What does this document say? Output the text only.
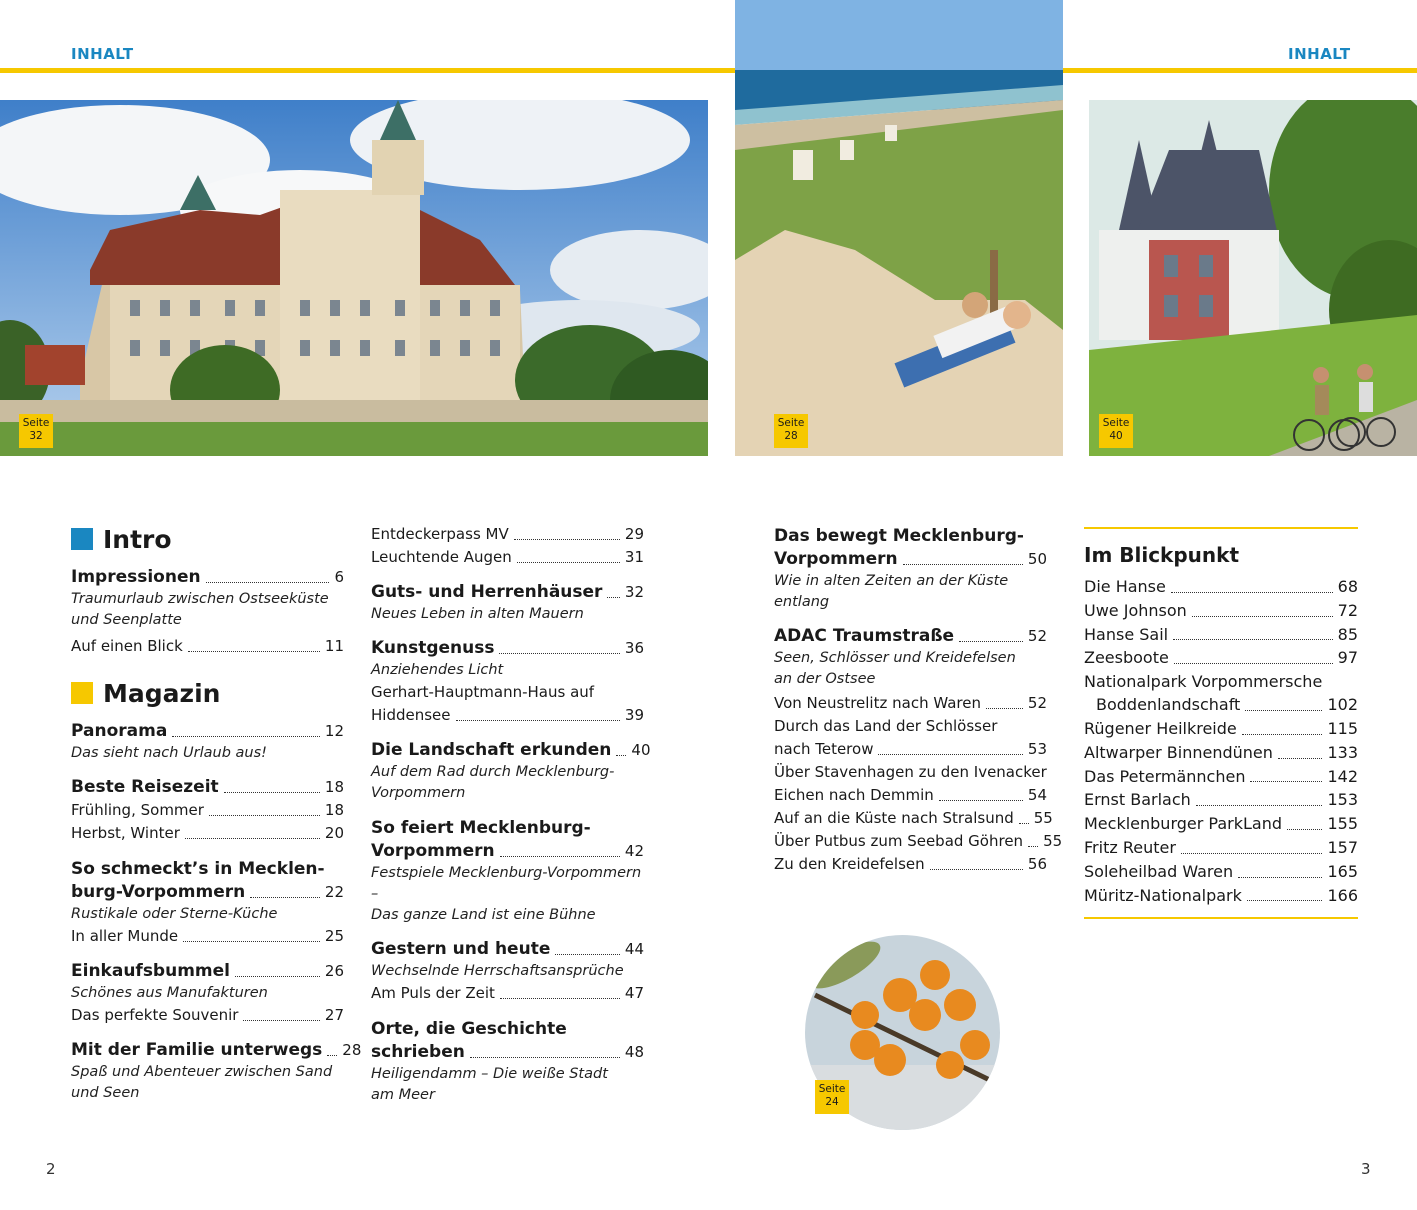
INHALT	INHALT
Seite
32
Seite
28
Seite
40
Seite
24
Intro
Impressionen	6
Traumurlaub zwischen Ostseeküste
und Seenplatte
Auf einen Blick	11
Magazin
Panorama	12
Das sieht nach Urlaub aus!
Beste Reisezeit	18
Frühling, Sommer	18
Herbst, Winter	20
So schmeckt’s in Mecklen-
burg-Vorpommern	22
Rustikale oder Sterne-Küche
In aller Munde	25
Einkaufsbummel	26
Schönes aus Manufakturen
Das perfekte Souvenir	27
Mit der Familie unterwegs 28
Spaß und Abenteuer zwischen Sand
und Seen
Entdeckerpass MV	29
Leuchtende Augen	31
Guts- und Herrenhäuser 32
Neues Leben in alten Mauern
Kunstgenuss	36
Anziehendes Licht
Gerhart-Hauptmann-Haus auf
Hiddensee	39
Die Landschaft erkunden 40
Auf dem Rad durch Mecklenburg-
Vorpommern
So feiert Mecklenburg-
Vorpommern	42
Festspiele Mecklenburg-Vorpommern –
Das ganze Land ist eine Bühne
Gestern und heute	44
Wechselnde Herrschaftsansprüche
Am Puls der Zeit	47
Orte, die Geschichte
schrieben	48
Heiligendamm – Die weiße Stadt
am Meer
Das bewegt Mecklenburg-
Vorpommern	50
Wie in alten Zeiten an der Küste
entlang
ADAC Traumstraße	52
Seen, Schlösser und Kreidefelsen
an der Ostsee
Von Neustrelitz nach Waren	52
Durch das Land der Schlösser
nach Teterow	53
Über Stavenhagen zu den Ivenacker
Eichen nach Demmin	54
Auf an die Küste nach Stralsund 55
Über Putbus zum Seebad Göhren 55
Zu den Kreidefelsen	56
Im Blickpunkt
Die Hanse	68
Uwe Johnson	72
Hanse Sail	85
Zeesboote	97
Nationalpark Vorpommersche
Boddenlandschaft	102
Rügener Heilkreide	115
Altwarper Binnendünen	133
Das Petermännchen	142
Ernst Barlach	153
Mecklenburger ParkLand	155
Fritz Reuter	157
Soleheilbad Waren	165
Müritz-Nationalpark	166
2	3
